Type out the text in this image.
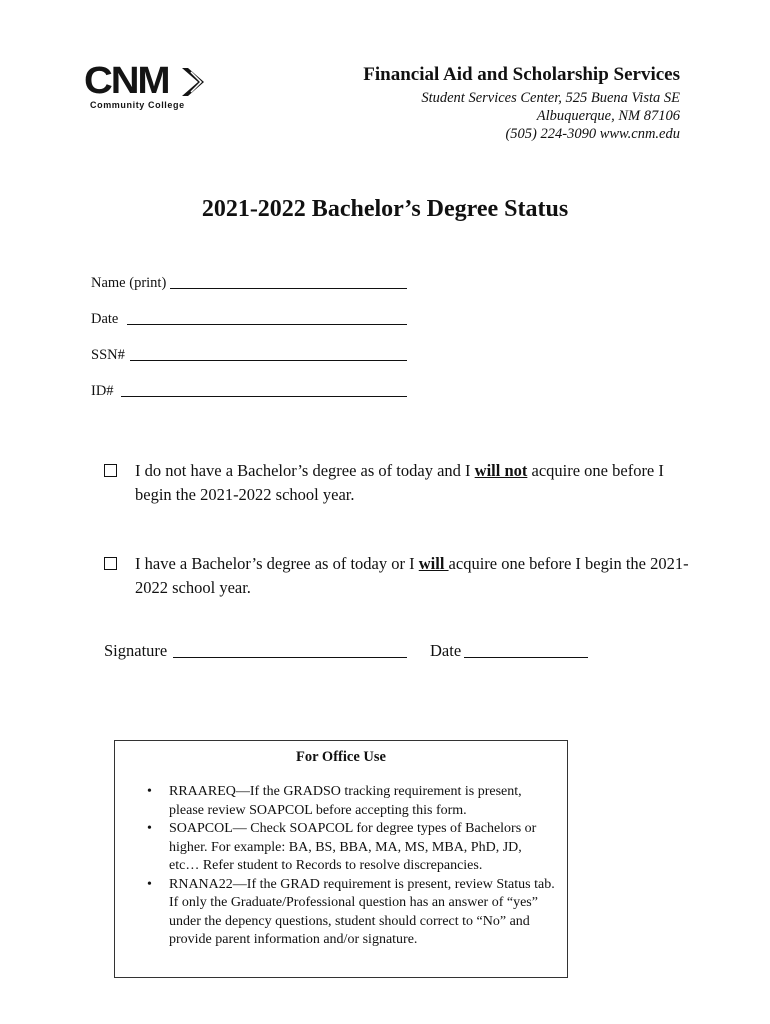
CNM
Community College
Financial Aid and Scholarship Services
Student Services Center, 525 Buena Vista SE
Albuquerque, NM 87106
(505) 224-3090 www.cnm.edu
2021-2022 Bachelor’s Degree Status
Name (print)
Date
SSN#
ID#
I do not have a Bachelor’s degree as of today and I will not acquire one before I begin the 2021-2022 school year.
I have a Bachelor’s degree as of today or I will acquire one before I begin the 2021-2022 school year.
Signature	Date
For Office Use
• RRAAREQ—If the GRADSO tracking requirement is present, please review SOAPCOL before accepting this form.
• SOAPCOL— Check SOAPCOL for degree types of Bachelors or higher. For example: BA, BS, BBA, MA, MS, MBA, PhD, JD, etc… Refer student to Records to resolve discrepancies.
• RNANA22—If the GRAD requirement is present, review Status tab. If only the Graduate/Professional question has an answer of “yes” under the depency questions, student should correct to “No” and provide parent information and/or signature.
